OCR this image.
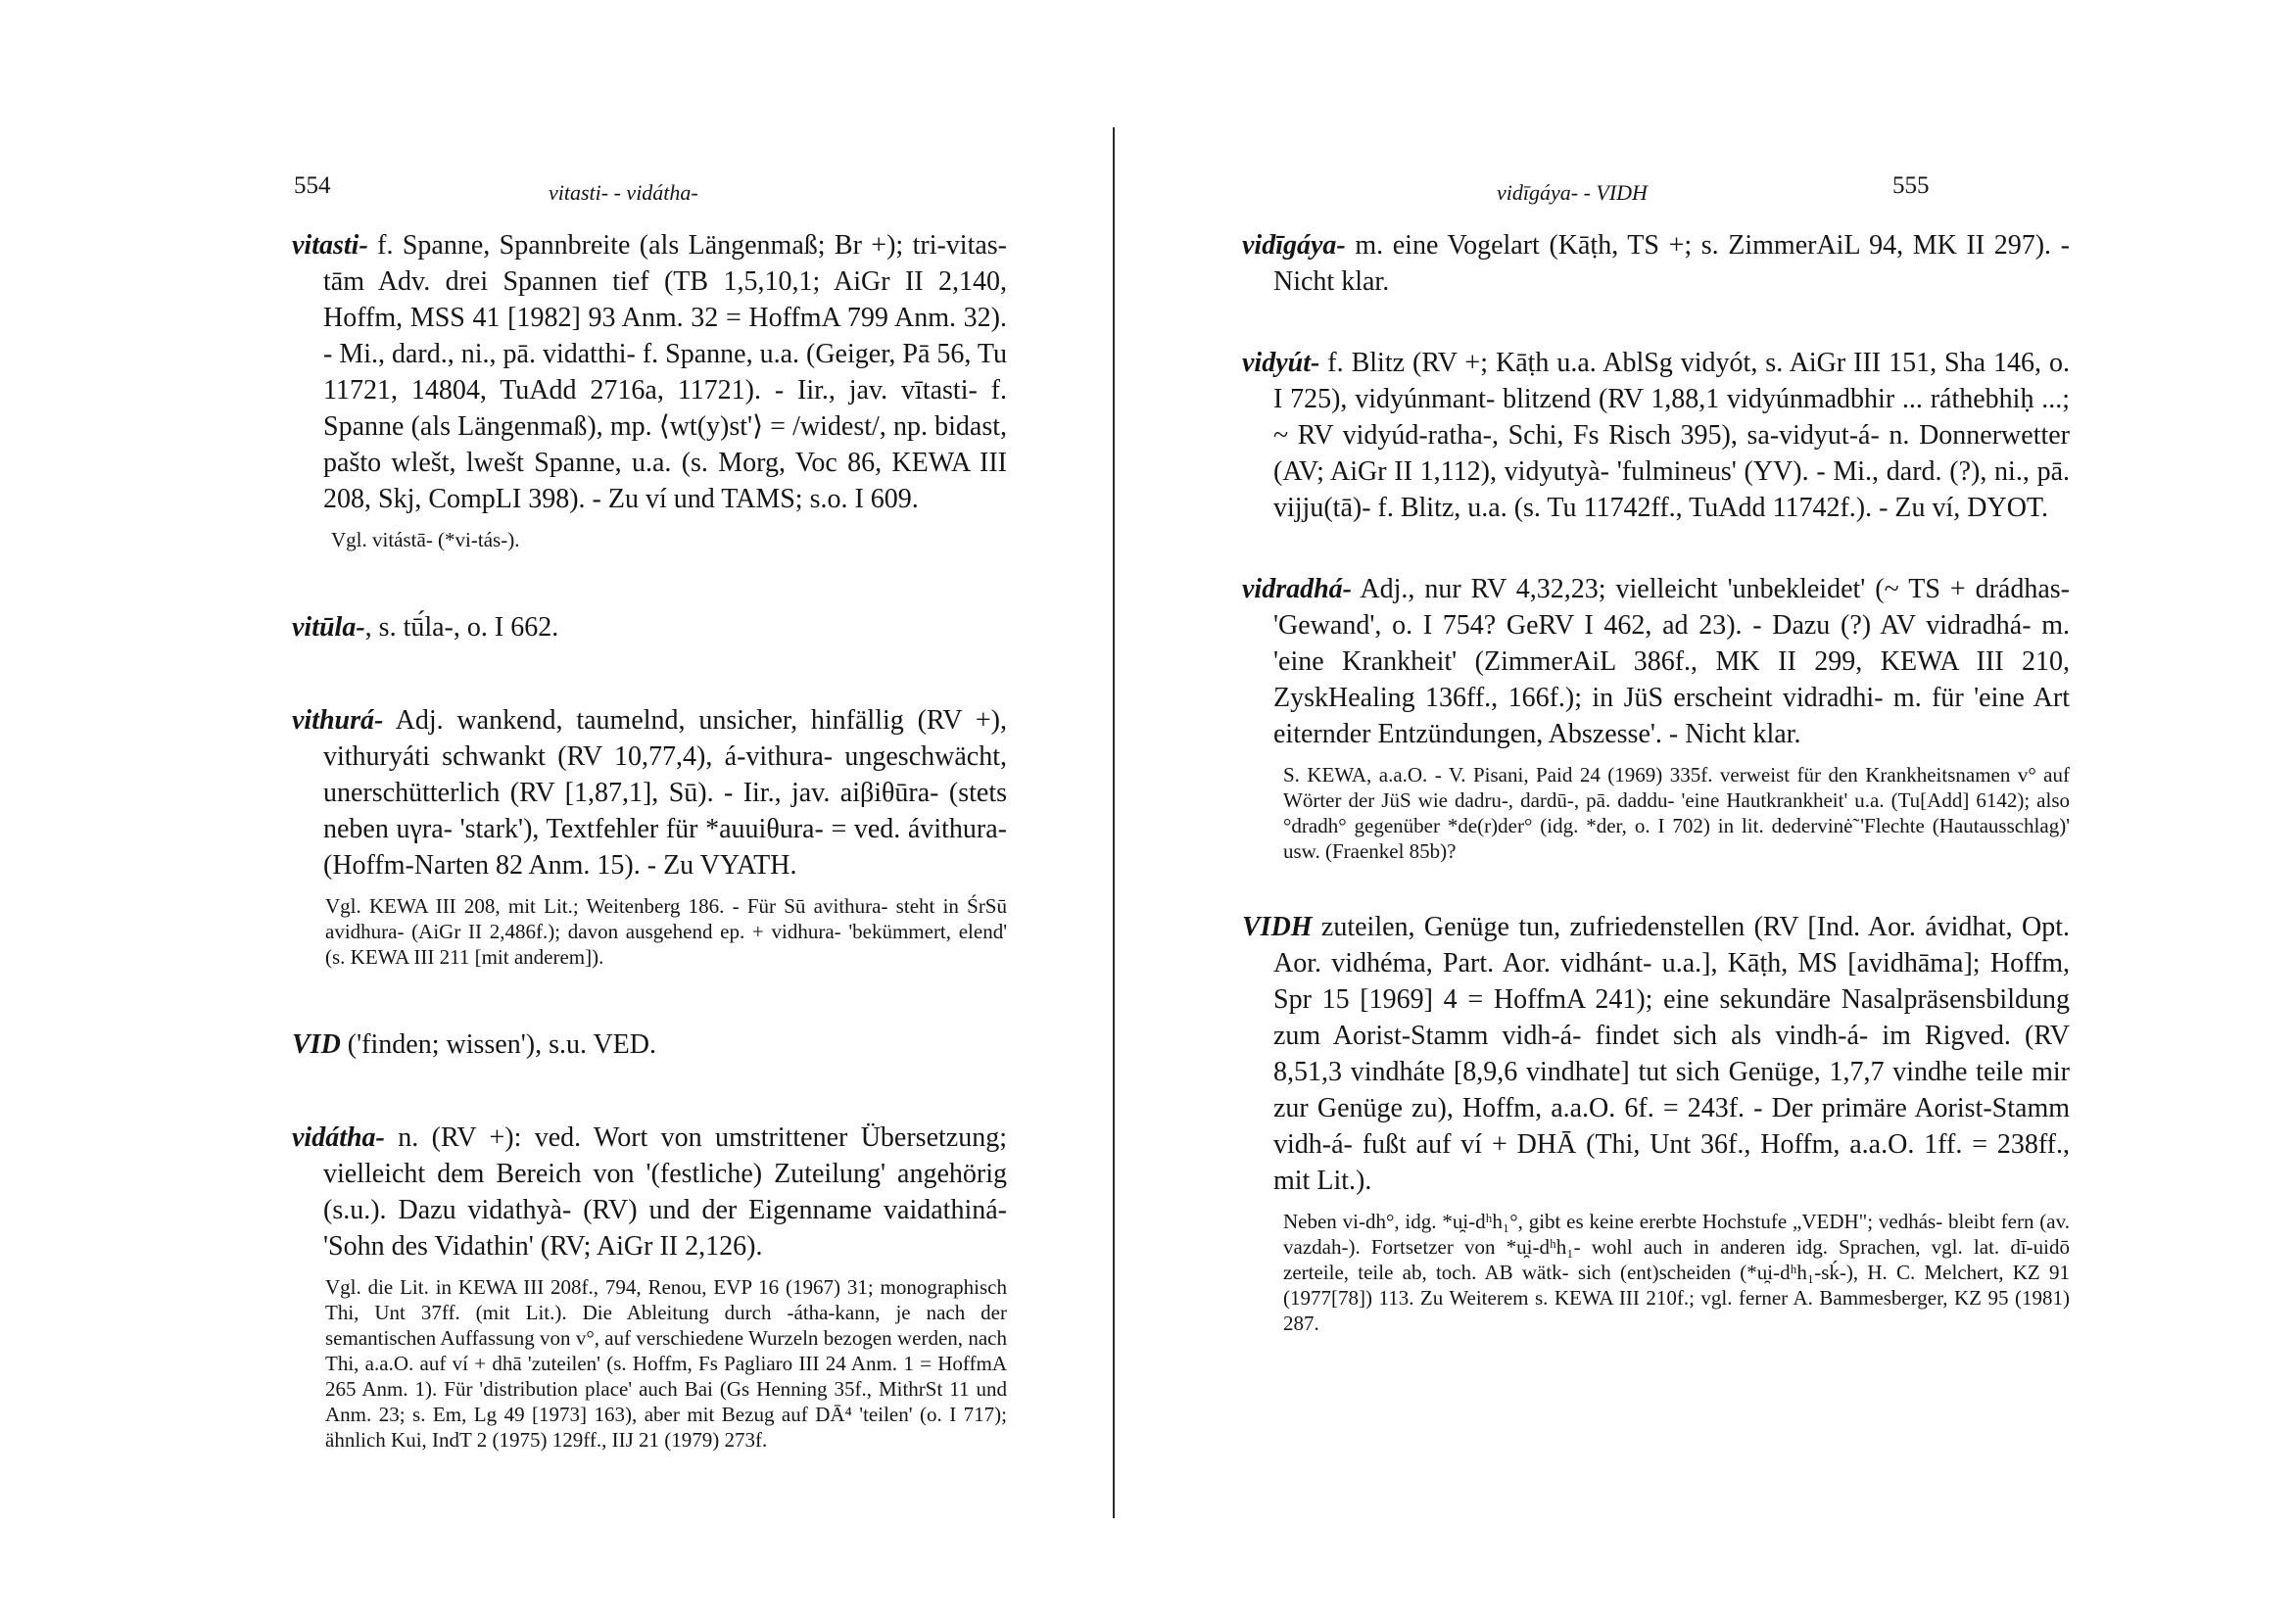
554	vitasti- - vidátha-

vitasti- f. Spanne, Spannbreite (als Längenmaß; Br +); tri-vitas-tām Adv. drei Spannen tief (TB 1,5,10,1; AiGr II 2,140, Hoffm, MSS 41 [1982] 93 Anm. 32 = HoffmA 799 Anm. 32). - Mi., dard., ni., pā. vidatthi- f. Spanne, u.a. (Geiger, Pā 56, Tu 11721, 14804, TuAdd 2716a, 11721). - Iir., jav. vītasti- f. Spanne (als Längenmaß), mp. ⟨wt(y)st'⟩ = /widest/, np. bidast, pašto wlešt, lwešt Spanne, u.a. (s. Morg, Voc 86, KEWA III 208, Skj, CompLI 398). - Zu ví und TAMS; s.o. I 609.

Vgl. vitástā- (*vi-tás-).

vitūla-, s. tū́la-, o. I 662.

vithurá- Adj. wankend, taumelnd, unsicher, hinfällig (RV +), vithuryáti schwankt (RV 10,77,4), á-vithura- ungeschwächt, unerschütterlich (RV [1,87,1], Sū). - Iir., jav. aiβiθūra- (stets neben uγra- 'stark'), Textfehler für *auuiθura- = ved. ávithura- (Hoffm-Narten 82 Anm. 15). - Zu VYATH.

Vgl. KEWA III 208, mit Lit.; Weitenberg 186. - Für Sū avithura- steht in ŚrSū avidhura- (AiGr II 2,486f.); davon ausgehend ep. + vidhura- 'bekümmert, elend' (s. KEWA III 211 [mit anderem]).

VID ('finden; wissen'), s.u. VED.

vidátha- n. (RV +): ved. Wort von umstrittener Übersetzung; vielleicht dem Bereich von '(festliche) Zuteilung' angehörig (s.u.). Dazu vidathyà- (RV) und der Eigenname vaidathiná- 'Sohn des Vidathin' (RV; AiGr II 2,126).

Vgl. die Lit. in KEWA III 208f., 794, Renou, EVP 16 (1967) 31; monographisch Thi, Unt 37ff. (mit Lit.). Die Ableitung durch -átha-kann, je nach der semantischen Auffassung von v°, auf verschiedene Wurzeln bezogen werden, nach Thi, a.a.O. auf ví + dhā 'zuteilen' (s. Hoffm, Fs Pagliaro III 24 Anm. 1 = HoffmA 265 Anm. 1). Für 'distribution place' auch Bai (Gs Henning 35f., MithrSt 11 und Anm. 23; s. Em, Lg 49 [1973] 163), aber mit Bezug auf DĀ⁴ 'teilen' (o. I 717); ähnlich Kui, IndT 2 (1975) 129ff., IIJ 21 (1979) 273f.
vidīgáya- - VIDH	555

vidīgáya- m. eine Vogelart (Kāṭh, TS +; s. ZimmerAiL 94, MK II 297). - Nicht klar.

vidyút- f. Blitz (RV +; Kāṭh u.a. AblSg vidyót, s. AiGr III 151, Sha 146, o. I 725), vidyúnmant- blitzend (RV 1,88,1 vidyúnmadbhir ... ráthebhiḥ ...; ~ RV vidyúd-ratha-, Schi, Fs Risch 395), sa-vidyut-á- n. Donnerwetter (AV; AiGr II 1,112), vidyutyà- 'fulmineus' (YV). - Mi., dard. (?), ni., pā. vijju(tā)- f. Blitz, u.a. (s. Tu 11742ff., TuAdd 11742f.). - Zu ví, DYOT.

vidradhá- Adj., nur RV 4,32,23; vielleicht 'unbekleidet' (~ TS + drádhas- 'Gewand', o. I 754? GeRV I 462, ad 23). - Dazu (?) AV vidradhá- m. 'eine Krankheit' (ZimmerAiL 386f., MK II 299, KEWA III 210, ZyskHealing 136ff., 166f.); in JüS erscheint vidradhi- m. für 'eine Art eiternder Entzündungen, Abszesse'. - Nicht klar.

S. KEWA, a.a.O. - V. Pisani, Paid 24 (1969) 335f. verweist für den Krankheitsnamen v° auf Wörter der JüS wie dadru-, dardū-, pā. daddu- 'eine Hautkrankheit' u.a. (Tu[Add] 6142); also °dradh° gegenüber *de(r)der° (idg. *der, o. I 702) in lit. dedervinė̃ 'Flechte (Hautausschlag)' usw. (Fraenkel 85b)?

VIDH zuteilen, Genüge tun, zufriedenstellen (RV [Ind. Aor. ávidhat, Opt. Aor. vidhéma, Part. Aor. vidhánt- u.a.], Kāṭh, MS [avidhāma]; Hoffm, Spr 15 [1969] 4 = HoffmA 241); eine sekundäre Nasalpräsensbildung zum Aorist-Stamm vidh-á- findet sich als vindh-á- im Rigved. (RV 8,51,3 vindháte [8,9,6 vindhate] tut sich Genüge, 1,7,7 vindhe teile mir zur Genüge zu), Hoffm, a.a.O. 6f. = 243f. - Der primäre Aorist-Stamm vidh-á- fußt auf ví + DHĀ (Thi, Unt 36f., Hoffm, a.a.O. 1ff. = 238ff., mit Lit.).

Neben vi-dh°, idg. *u̯i-dʰh₁°, gibt es keine ererbte Hochstufe „VEDH"; vedhás- bleibt fern (av. vazdah-). Fortsetzer von *u̯i-dʰh₁- wohl auch in anderen idg. Sprachen, vgl. lat. dī-uidō zerteile, teile ab, toch. AB wätk- sich (ent)scheiden (*u̯i-dʰh₁-sḱ-), H. C. Melchert, KZ 91 (1977[78]) 113. Zu Weiterem s. KEWA III 210f.; vgl. ferner A. Bammesberger, KZ 95 (1981) 287.
